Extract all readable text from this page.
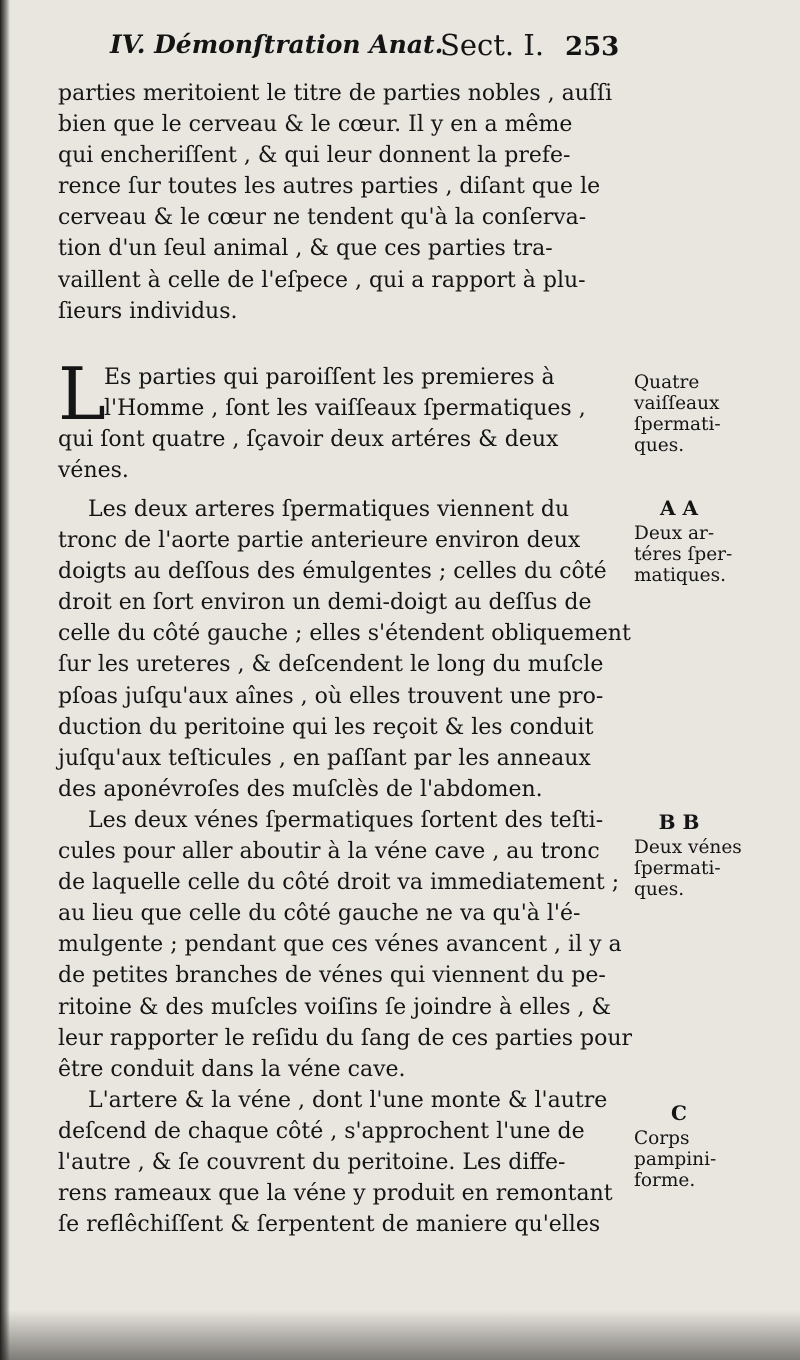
IV. Démonſtration Anat.
Sect. I. 253
parties meritoient le titre de parties nobles , auſſi
bien que le cerveau & le cœur. Il y en a même
qui encheriſſent , & qui leur donnent la prefe-
rence ſur toutes les autres parties , diſant que le
cerveau & le cœur ne tendent qu'à la conſerva-
tion d'un ſeul animal , & que ces parties tra-
vaillent à celle de l'eſpece , qui a rapport à plu-
ſieurs individus.
L
Es parties qui paroiſſent les premieres à
l'Homme , ſont les vaiſſeaux ſpermatiques ,
qui ſont quatre , ſçavoir deux artéres & deux
vénes.
Les deux arteres ſpermatiques viennent du
tronc de l'aorte partie anterieure environ deux
doigts au deſſous des émulgentes ; celles du côté
droit en ſort environ un demi-doigt au deſſus de
celle du côté gauche ; elles s'étendent obliquement
ſur les ureteres , & deſcendent le long du muſcle
pſoas juſqu'aux aînes , où elles trouvent une pro-
duction du peritoine qui les reçoit & les conduit
juſqu'aux teſticules , en paſſant par les anneaux
des aponévroſes des muſclès de l'abdomen.
Les deux vénes ſpermatiques ſortent des teſti-
cules pour aller aboutir à la véne cave , au tronc
de laquelle celle du côté droit va immediatement ;
au lieu que celle du côté gauche ne va qu'à l'é-
mulgente ; pendant que ces vénes avancent , il y a
de petites branches de vénes qui viennent du pe-
ritoine & des muſcles voiſins ſe joindre à elles , &
leur rapporter le reſidu du ſang de ces parties pour
être conduit dans la véne cave.
L'artere & la véne , dont l'une monte & l'autre
deſcend de chaque côté , s'approchent l'une de
l'autre , & ſe couvrent du peritoine. Les diffe-
rens rameaux que la véne y produit en remontant
ſe reflêchiſſent & ſerpentent de maniere qu'elles
Quatre
vaiſſeaux
ſpermati-
ques.
A A
Deux ar-
téres ſper-
matiques.
B B
Deux vénes
ſpermati-
ques.
C
Corps
pampini-
forme.
